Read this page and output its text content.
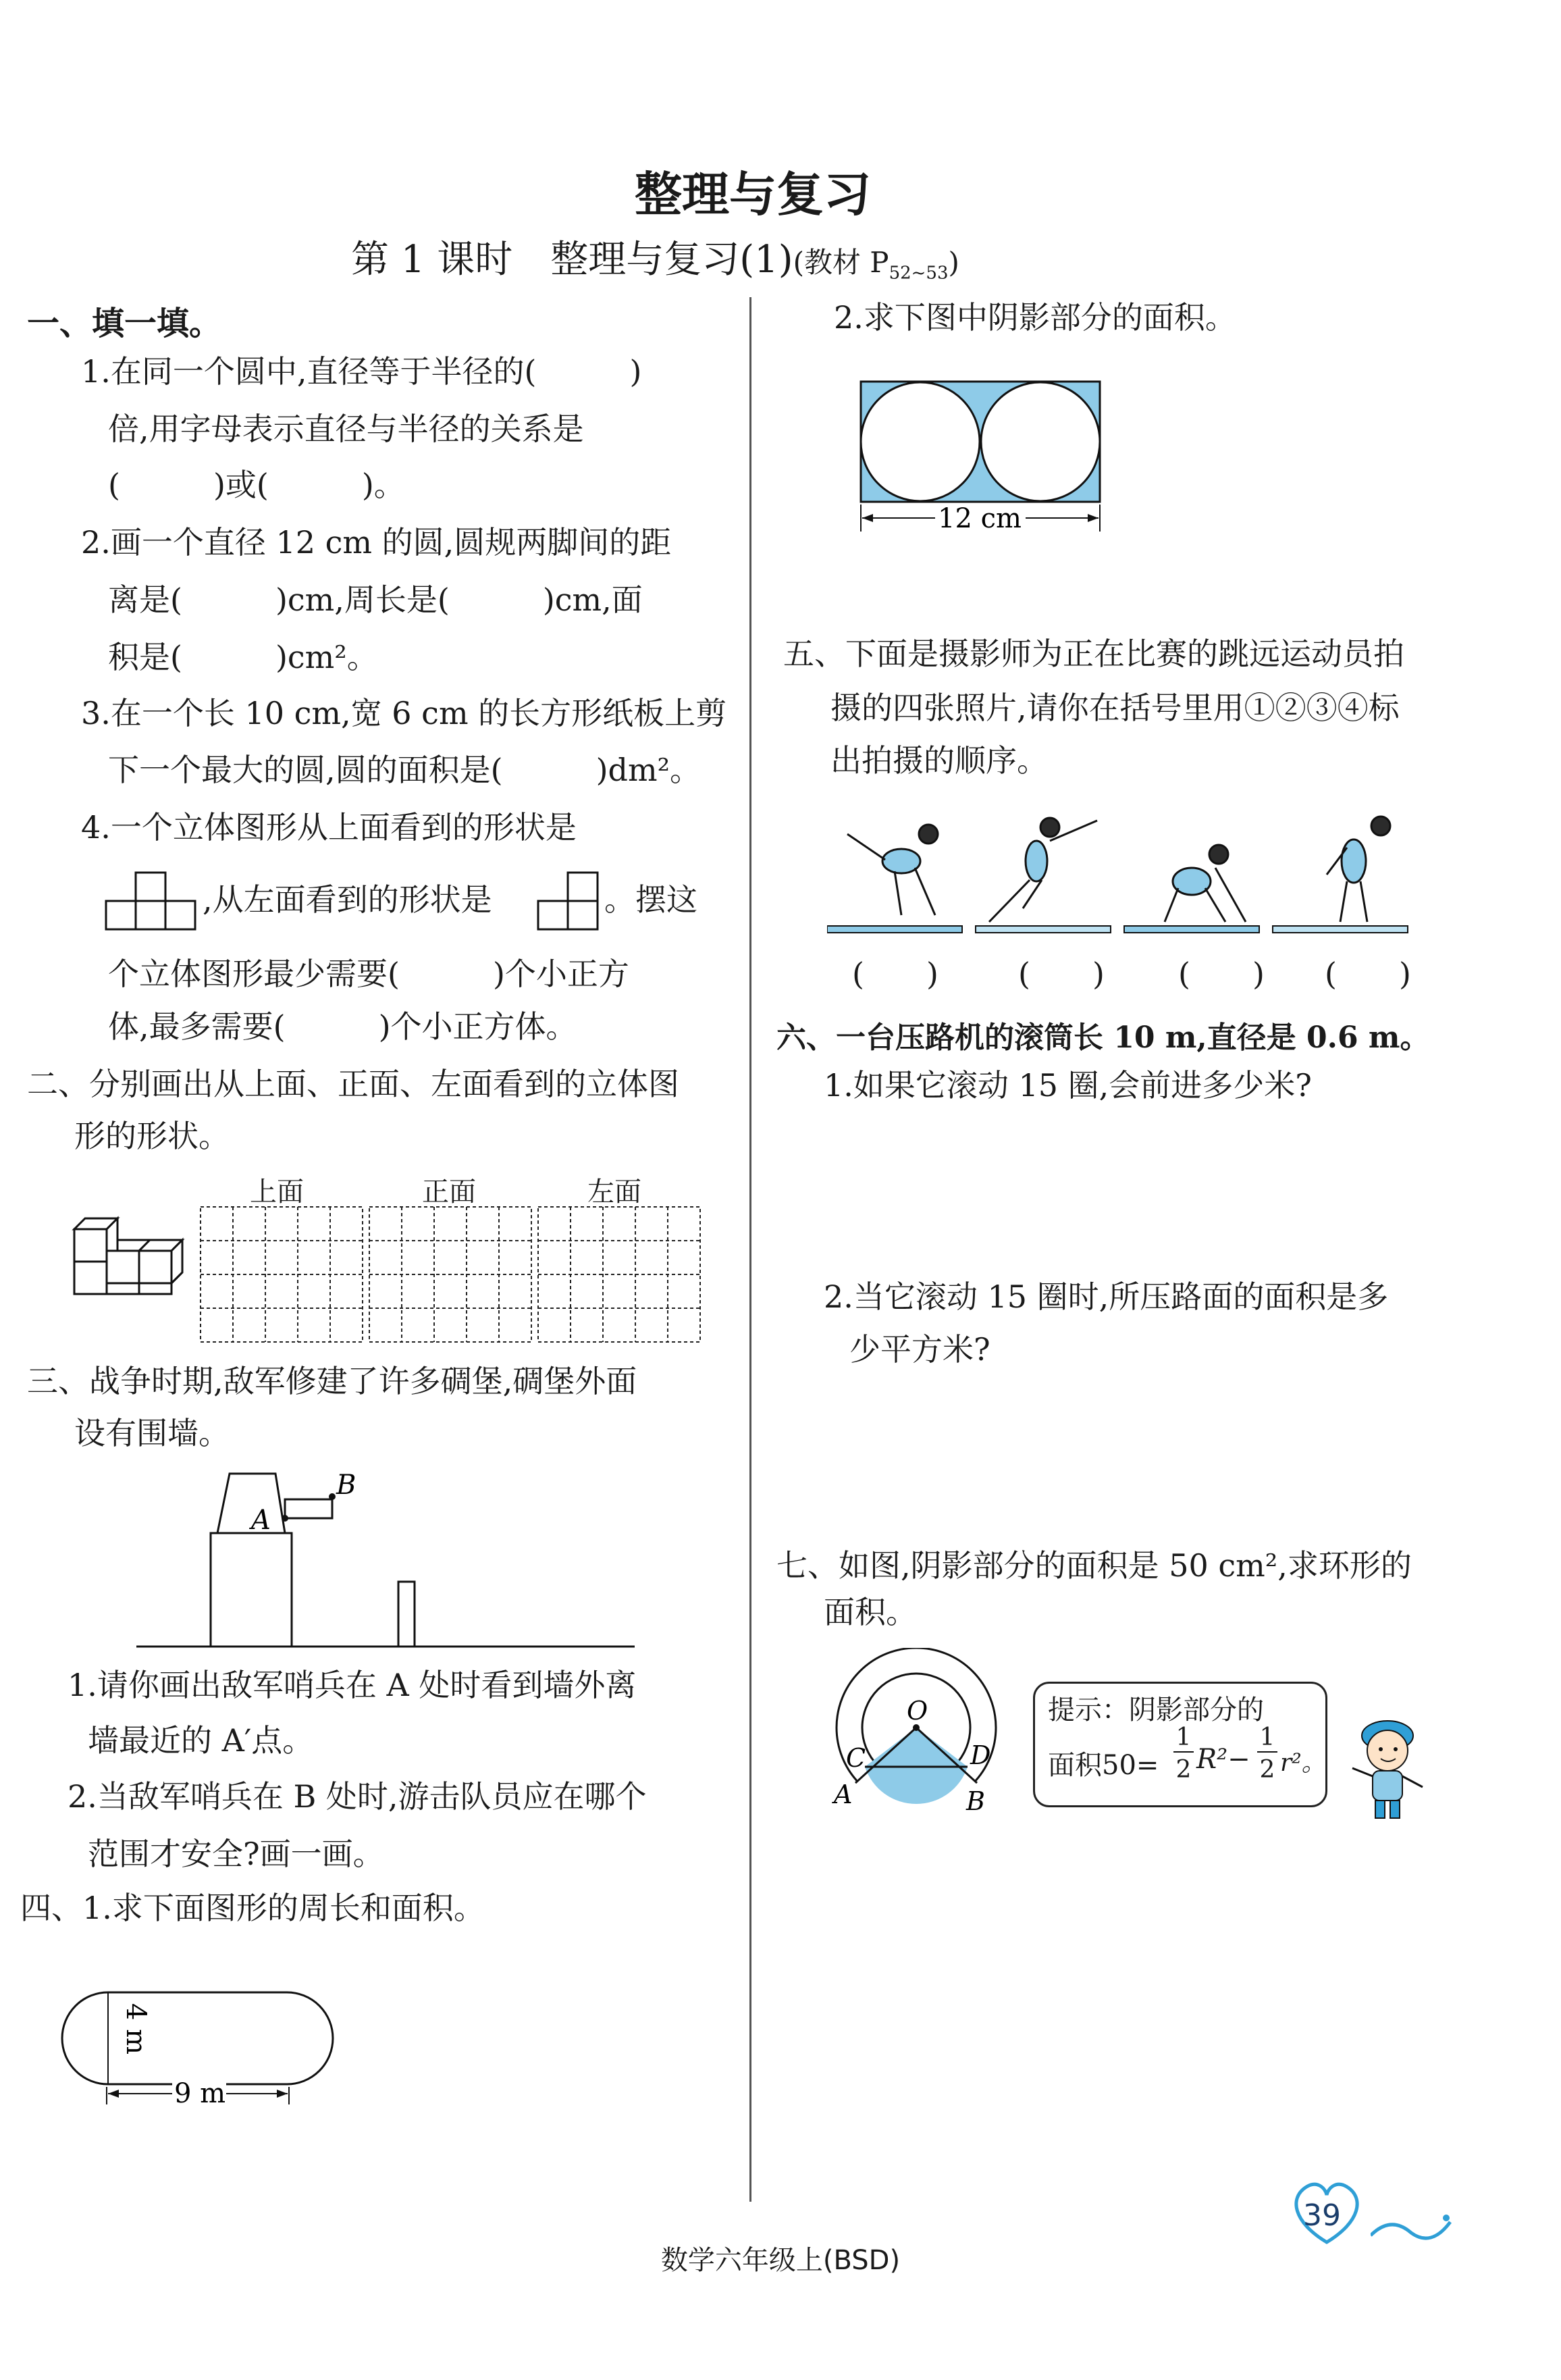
整理与复习
第 1 课时　整理与复习(1)(教材 $P_{52\sim 53}$)
一、填一填。
1.在同一个圆中,直径等于半径的(　　　)
倍,用字母表示直径与半径的关系是
(　　　)或(　　　)。
2.画一个直径 12 cm 的圆,圆规两脚间的距
离是(　　　)cm,周长是(　　　)cm,面
积是(　　　)cm²。
3.在一个长 10 cm,宽 6 cm 的长方形纸板上剪
下一个最大的圆,圆的面积是(　　　)dm²。
4.一个立体图形从上面看到的形状是
,从左面看到的形状是	。摆这
个立体图形最少需要(　　　)个小正方
体,最多需要(　　　)个小正方体。
二、分别画出从上面、正面、左面看到的立体图
形的形状。
上面	正面	左面
三、战争时期,敌军修建了许多碉堡,碉堡外面
设有围墙。
A
B
1.请你画出敌军哨兵在 A 处时看到墙外离
墙最近的 A′点。
2.当敌军哨兵在 B 处时,游击队员应在哪个
范围才安全?画一画。
四、1.求下面图形的周长和面积。
9 m
4 m
2.求下图中阴影部分的面积。
12 cm
五、下面是摄影师为正在比赛的跳远运动员拍
摄的四张照片,请你在括号里用①②③④标
出拍摄的顺序。
(　　)	(　　) (　　) (　　)
六、一台压路机的滚筒长 10 m,直径是 0.6 m。
1.如果它滚动 15 圈,会前进多少米?
2.当它滚动 15 圈时,所压路面的面积是多
少平方米?
七、如图,阴影部分的面积是 50 cm²,求环形的
面积。
O
C	D
A	B
提示：阴影部分的
面积50=
1
2 R²−
1
2 r²。
数学六年级上(BSD)
39
